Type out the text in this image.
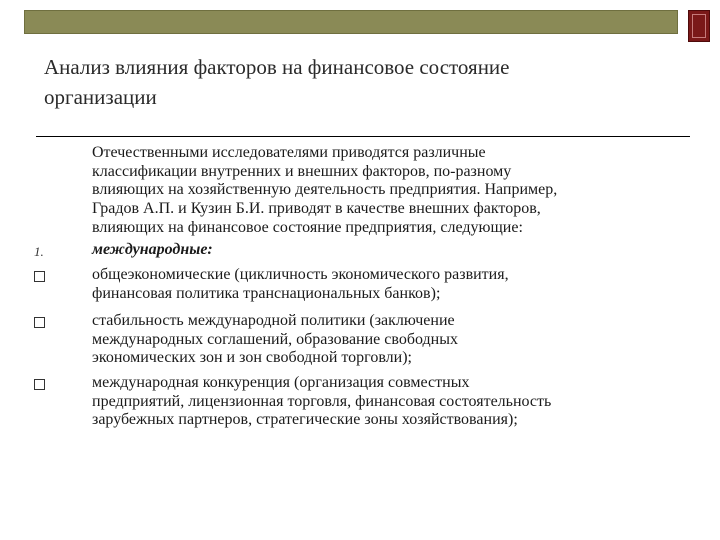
Анализ влияния факторов на финансовое состояние
организации
Отечественными исследователями приводятся различные
классификации внутренних и внешних факторов, по-разному
влияющих на хозяйственную деятельность предприятия. Например,
Градов А.П. и Кузин Б.И. приводят в качестве внешних факторов,
влияющих на финансовое состояние предприятия, следующие:
1.	международные:
общеэкономические (цикличность экономического развития,
финансовая политика транснациональных банков);
стабильность международной политики (заключение
международных соглашений, образование свободных
экономических зон и зон свободной торговли);
международная конкуренция (организация совместных
предприятий, лицензионная торговля, финансовая состоятельность
зарубежных партнеров, стратегические зоны хозяйствования);
